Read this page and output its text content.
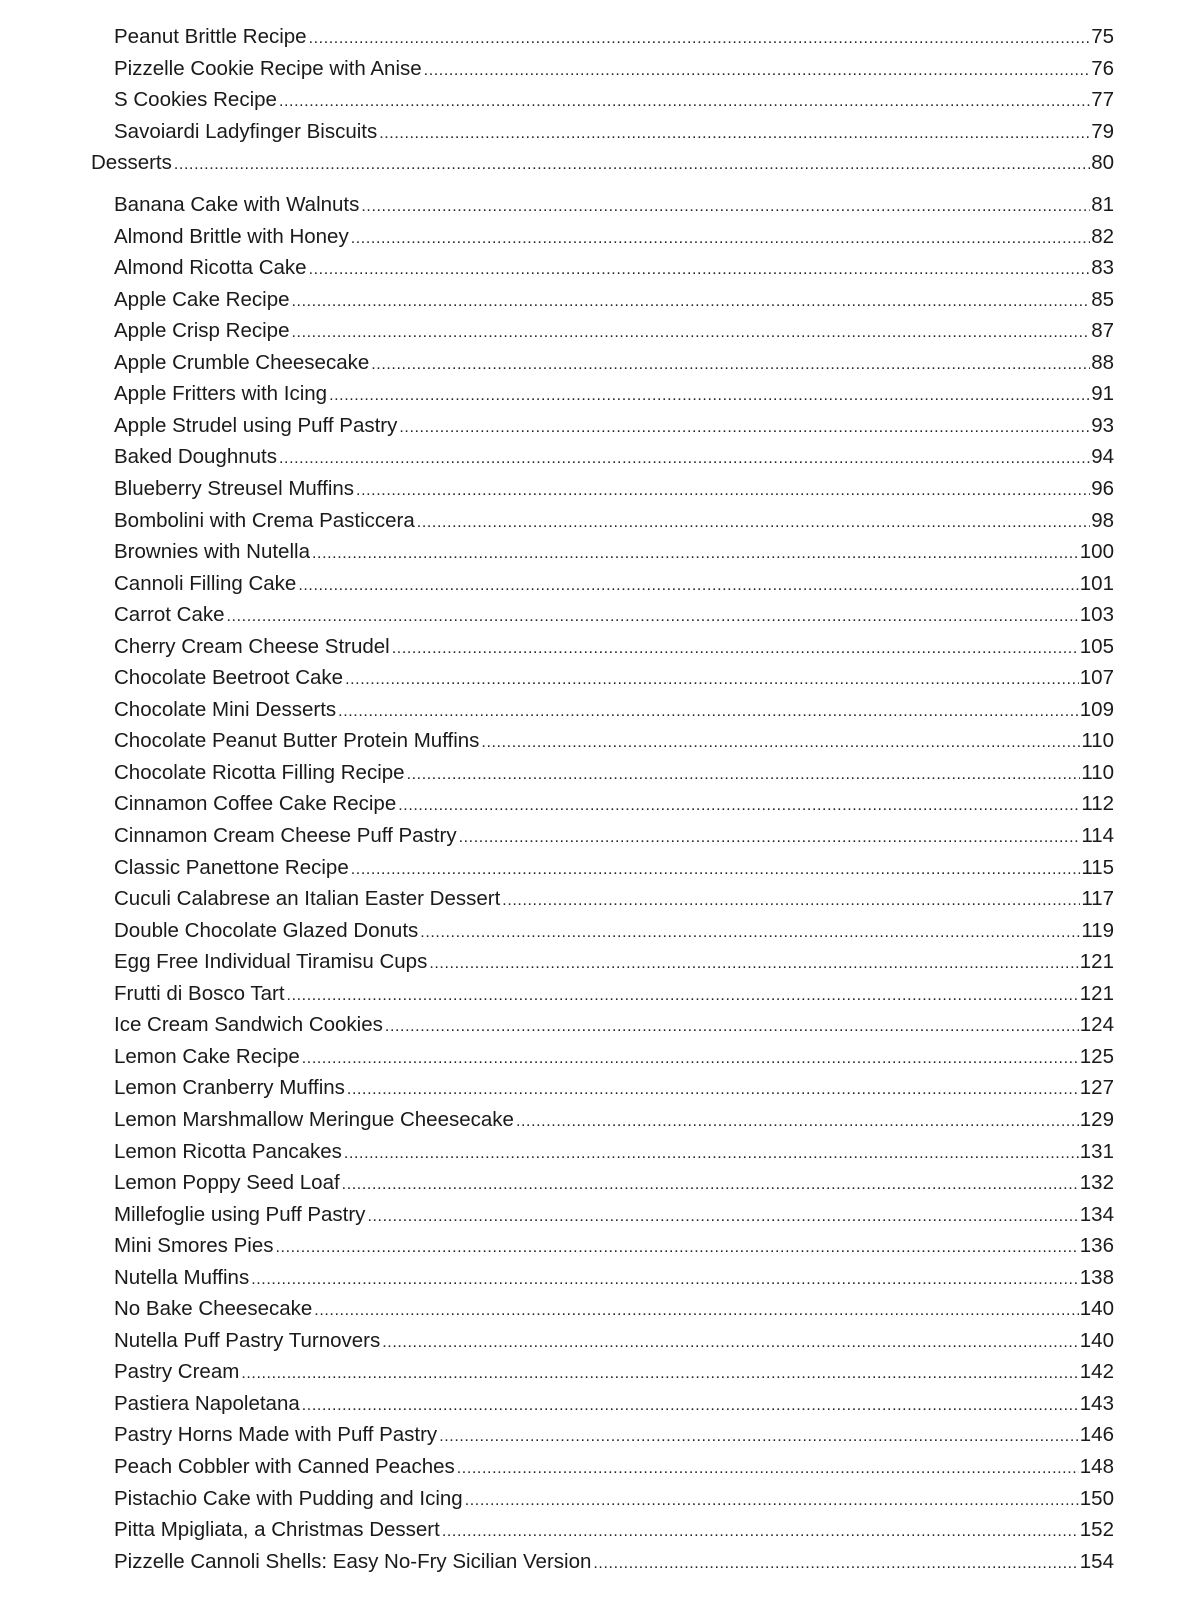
Peanut Brittle Recipe .....	75
Pizzelle Cookie Recipe with Anise .....	76
S Cookies Recipe .....	77
Savoiardi Ladyfinger Biscuits .....	79
Desserts .....	80
Banana Cake with Walnuts .....	81
Almond Brittle with Honey .....	82
Almond Ricotta Cake .....	83
Apple Cake Recipe .....	85
Apple Crisp Recipe .....	87
Apple Crumble Cheesecake .....	88
Apple Fritters with Icing .....	91
Apple Strudel using Puff Pastry .....	93
Baked Doughnuts .....	94
Blueberry Streusel Muffins .....	96
Bombolini with Crema Pasticcera .....	98
Brownies with Nutella .....	100
Cannoli Filling Cake .....	101
Carrot Cake .....	103
Cherry Cream Cheese Strudel .....	105
Chocolate Beetroot Cake .....	107
Chocolate Mini Desserts .....	109
Chocolate Peanut Butter Protein Muffins .....	110
Chocolate Ricotta Filling Recipe .....	110
Cinnamon Coffee Cake Recipe .....	112
Cinnamon Cream Cheese Puff Pastry .....	114
Classic Panettone Recipe .....	115
Cuculi Calabrese an Italian Easter Dessert .....	117
Double Chocolate Glazed Donuts .....	119
Egg Free Individual Tiramisu Cups .....	121
Frutti di Bosco Tart .....	121
Ice Cream Sandwich Cookies .....	124
Lemon Cake Recipe .....	125
Lemon Cranberry Muffins .....	127
Lemon Marshmallow Meringue Cheesecake .....	129
Lemon Ricotta Pancakes .....	131
Lemon Poppy Seed Loaf .....	132
Millefoglie using Puff Pastry .....	134
Mini Smores Pies .....	136
Nutella Muffins .....	138
No Bake Cheesecake .....	140
Nutella Puff Pastry Turnovers .....	140
Pastry Cream .....	142
Pastiera Napoletana .....	143
Pastry Horns Made with Puff Pastry .....	146
Peach Cobbler with Canned Peaches .....	148
Pistachio Cake with Pudding and Icing .....	150
Pitta Mpigliata, a Christmas Dessert .....	152
Pizzelle Cannoli Shells: Easy No-Fry Sicilian Version .....	154
